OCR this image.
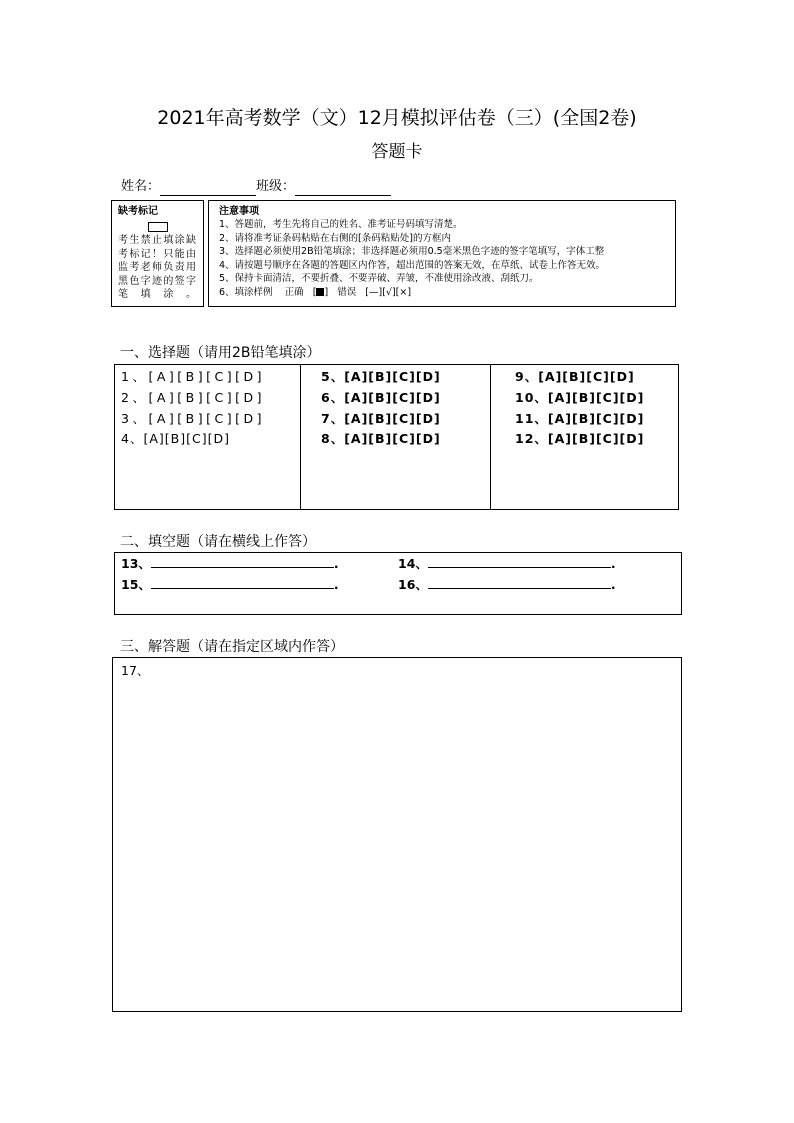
2021年高考数学（文）12月模拟评估卷（三）(全国2卷)
答题卡
姓名：	班级：
缺考标记
考生禁止填涂缺考标记！只能由监考老师负责用黑色字迹的签字笔填涂。
注意事项
1、答题前，考生先将自己的姓名、准考证号码填写清楚。
2、请将准考证条码粘贴在右侧的[条码粘贴处]的方框内
3、选择题必须使用2B铅笔填涂；非选择题必须用0.5毫米黑色字迹的签字笔填写，字体工整
4、请按题号顺序在各题的答题区内作答，超出范围的答案无效，在草纸、试卷上作答无效。
5、保持卡面清洁，不要折叠、不要弄破、弄皱，不准使用涂改液、刮纸刀。
6、填涂样例 正确 [ ] 错误 [—][√][×]
一、选择题（请用2B铅笔填涂）
1、[A][B][C][D]
2、[A][B][C][D]
3、[A][B][C][D]
4、[A][B][C][D]
5、[A][B][C][D]
6、[A][B][C][D]
7、[A][B][C][D]
8、[A][B][C][D]
9、[A][B][C][D]
10、[A][B][C][D]
11、[A][B][C][D]
12、[A][B][C][D]
二、填空题（请在横线上作答）
13、	.	14、	.
15、	.	16、	.
三、解答题（请在指定区域内作答）
17、
